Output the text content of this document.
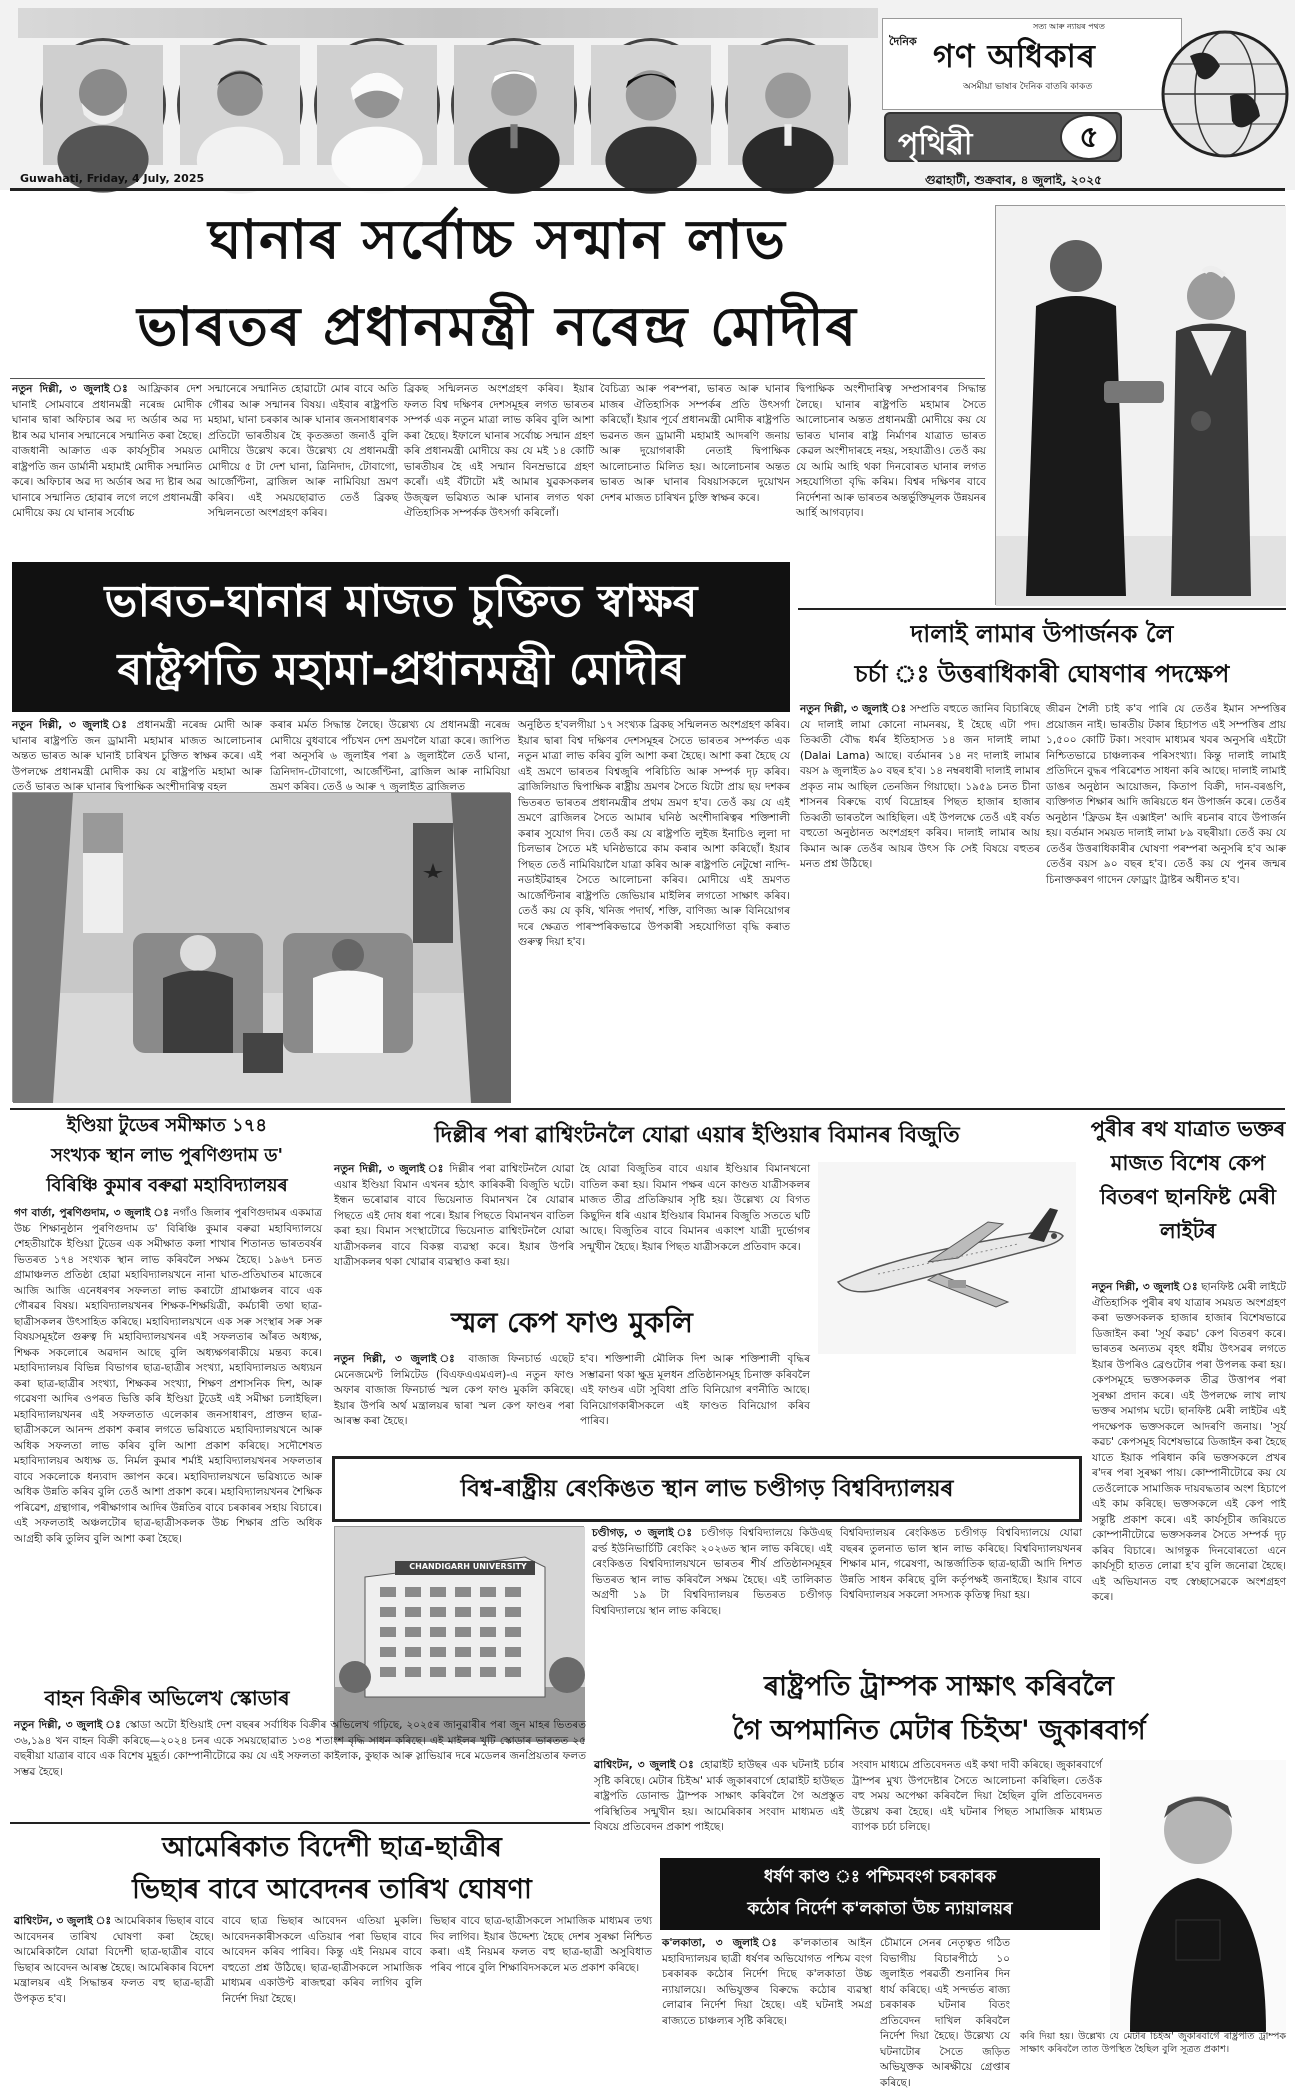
সত্য আৰু ন্যায়ৰ পথত
দৈনিক গণ অধিকাৰ
অসমীয়া ভাষাৰ দৈনিক বাতৰি কাকত
পৃথিৱী	৫
Guwahati, Friday, 4 July, 2025	গুৱাহাটী, শুক্ৰবাৰ, ৪ জুলাই, ২০২৫
ঘানাৰ সৰ্বোচ্চ সন্মান লাভ
ভাৰতৰ প্ৰধানমন্ত্ৰী নৰেন্দ্ৰ মোদীৰ
নতুন দিল্লী, ৩ জুলাই ঃ আফ্ৰিকাৰ দেশ ঘানাই সোমবাৰে প্ৰধানমন্ত্ৰী নৰেন্দ্ৰ মোদীক ঘানাৰ দ্বাৰা অফিচাৰ অৱ দ্য অৰ্ডাৰ অৱ দ্য ষ্টাৰ অৱ ঘানাৰ সন্মানেৰে সন্মানিত কৰা হৈছে। বাজধানী আক্ৰাত এক কাৰ্যসূচীৰ সময়ত ৰাষ্ট্ৰপতি জন ডাৰ্মানী মহামাই মোদীক সন্মানিত কৰে। অফিচাৰ অৱ দ্য অৰ্ডাৰ অৱ দ্য ষ্টাৰ অৱ ঘানাৰে সন্মানিত হোৱাৰ লগে লগে প্ৰধানমন্ত্ৰী মোদীয়ে কয় যে ঘানাৰ সৰ্বোচ্চ
সন্মানেৰে সন্মানিত হোৱাটো মোৰ বাবে অতি গৌৰৱ আৰু সন্মানৰ বিষয়। এইবাৰ ৰাষ্ট্ৰপতি মহামা, ঘানা চৰকাৰ আৰু ঘানাৰ জনসাধাৰণক প্ৰতিটো ভাৰতীয়ৰ হৈ কৃতজ্ঞতা জনাওঁ বুলি মোদীয়ে উল্লেখ কৰে। উল্লেখ্য যে প্ৰধানমন্ত্ৰী মোদীয়ে ৫ টা দেশ ঘানা, ত্ৰিনিদাদ, টোবাগো, আৰ্জেণ্টিনা, ব্ৰাজিল আৰু নামিবিয়া ভ্ৰমণ কৰিব। এই সময়ছোৱাত তেওঁ ব্ৰিকছ সন্মিলনতো অংশগ্ৰহণ কৰিব।
ব্ৰিকছ সন্মিলনত অংশগ্ৰহণ কৰিব। ইয়াৰ ফলত বিশ্ব দক্ষিণৰ দেশসমূহৰ লগত ভাৰতৰ সম্পৰ্ক এক নতুন মাত্ৰা লাভ কৰিব বুলি আশা কৰা হৈছে। ইফালে ঘানাৰ সৰ্বোচ্চ সন্মান গ্ৰহণ কৰি প্ৰধানমন্ত্ৰী মোদীয়ে কয় যে মই ১৪ কোটি ভাৰতীয়ৰ হৈ এই সন্মান বিনম্ৰভাৱে গ্ৰহণ কৰোঁ। এই বঁটাটো মই আমাৰ যুৱকসকলৰ উজ্জ্বল ভৱিষ্যত আৰু ঘানাৰ লগত থকা ঐতিহাসিক সম্পৰ্কক উৎসৰ্গা কৰিলোঁ।
বৈচিত্ৰ্য আৰু পৰম্পৰা, ভাৰত আৰু ঘানাৰ মাজৰ ঐতিহাসিক সম্পৰ্কৰ প্ৰতি উৎসৰ্গা কৰিছোঁ। ইয়াৰ পূৰ্বে প্ৰধানমন্ত্ৰী মোদীক ৰাষ্ট্ৰপতি ভৱনত জন ড্ৰামানী মহামাই আদৰণি জনায় আৰু দুয়োগৰাকী নেতাই দ্বিপাক্ষিক আলোচনাত মিলিত হয়। আলোচনাৰ অন্তত ভাৰত আৰু ঘানাৰ বিষয়াসকলে দুয়োখন দেশৰ মাজত চাৰিখন চুক্তি স্বাক্ষৰ কৰে।
দ্বিপাক্ষিক অংশীদাৰিত্ব সম্প্ৰসাৰণৰ সিদ্ধান্ত লৈছে। ঘানাৰ ৰাষ্ট্ৰপতি মহামাৰ সৈতে আলোচনাৰ অন্তত প্ৰধানমন্ত্ৰী মোদীয়ে কয় যে ভাৰত ঘানাৰ ৰাষ্ট্ৰ নিৰ্মাণৰ যাত্ৰাত ভাৰত কেৱল অংশীদাৰহে নহয়, সহযাত্ৰীও। তেওঁ কয় যে আমি আহি থকা দিনবোৰত ঘানাৰ লগত সহযোগিতা বৃদ্ধি কৰিম। বিশ্বৰ দক্ষিণৰ বাবে নিৰ্দেশনা আৰু ভাৰতৰ অন্তৰ্ভুক্তিমূলক উন্নয়নৰ আৰ্হি আগবঢ়াব।
ভাৰত-ঘানাৰ মাজত চুক্তিত স্বাক্ষৰ
ৰাষ্ট্ৰপতি মহামা-প্ৰধানমন্ত্ৰী মোদীৰ
নতুন দিল্লী, ৩ জুলাই ঃ প্ৰধানমন্ত্ৰী নৰেন্দ্ৰ মোদী আৰু ঘানাৰ ৰাষ্ট্ৰপতি জন ড্ৰামানী মহামাৰ মাজত আলোচনাৰ অন্তত ভাৰত আৰু ঘানাই চাৰিখন চুক্তিত স্বাক্ষৰ কৰে। এই উপলক্ষে প্ৰধানমন্ত্ৰী মোদীক কয় যে ৰাষ্ট্ৰপতি মহামা আৰু তেওঁ ভাৰত আৰু ঘানাৰ দ্বিপাক্ষিক অংশীদাৰিত্ব বহল
কৰাৰ মৰ্মত সিদ্ধান্ত লৈছে। উল্লেখ্য যে প্ৰধানমন্ত্ৰী নৰেন্দ্ৰ মোদীয়ে বুধবাৰে পাঁচখন দেশ ভ্ৰমণলৈ যাত্ৰা কৰে। জাপিত পৰা অনুসৰি ৬ জুলাইৰ পৰা ৯ জুলাইলৈ তেওঁ ঘানা, ত্ৰিনিদাদ-টোবাগো, আৰ্জেণ্টিনা, ব্ৰাজিল আৰু নামিবিয়া ভ্ৰমণ কৰিব। তেওঁ ৬ আৰু ৭ জুলাইত ব্ৰাজিলত
অনুষ্ঠিত হ'বলগীয়া ১৭ সংখ্যক ব্ৰিকছ সন্মিলনত অংশগ্ৰহণ কৰিব। ইয়াৰ দ্বাৰা বিশ্ব দক্ষিণৰ দেশসমূহৰ সৈতে ভাৰতৰ সম্পৰ্কত এক নতুন মাত্ৰা লাভ কৰিব বুলি আশা কৰা হৈছে। আশা কৰা হৈছে যে এই ভ্ৰমণে ভাৰতৰ বিশ্বজুৰি পৰিচিতি আৰু সম্পৰ্ক দৃঢ় কৰিব। ব্ৰাজিলিয়াত দ্বিপাক্ষিক ৰাষ্ট্ৰীয় ভ্ৰমণৰ সৈতে যিটো প্ৰায় ছয় দশকৰ ভিতৰত ভাৰতৰ প্ৰধানমন্ত্ৰীৰ প্ৰথম ভ্ৰমণ হ'ব। তেওঁ কয় যে এই ভ্ৰমণে ব্ৰাজিলৰ সৈতে আমাৰ ঘনিষ্ঠ অংশীদাৰিত্বৰ শক্তিশালী কৰাৰ সুযোগ দিব। তেওঁ কয় যে ৰাষ্ট্ৰপতি লুইজ ইনাচিও লুলা দা চিলভাৰ সৈতে মই ঘনিষ্ঠভাৱে কাম কৰাৰ আশা কৰিছোঁ। ইয়াৰ পিছত তেওঁ নামিবিয়ালৈ যাত্ৰা কৰিব আৰু ৰাষ্ট্ৰপতি নেটুম্বো নান্দি-নডাইটৱাহৰ সৈতে আলোচনা কৰিব। মোদীয়ে এই ভ্ৰমণত আৰ্জেণ্টিনাৰ ৰাষ্ট্ৰপতি জেভিয়াৰ মাইলিৰ লগতো সাক্ষাৎ কৰিব। তেওঁ কয় যে কৃষি, খনিজ পদাৰ্থ, শক্তি, বাণিজ্য আৰু বিনিয়োগৰ দৰে ক্ষেত্ৰত পাৰস্পৰিকভাৱে উপকাৰী সহযোগিতা বৃদ্ধি কৰাত গুৰুত্ব দিয়া হ'ব।
দালাই লামাৰ উপাৰ্জনক লৈ
চৰ্চা ঃ উত্তৰাধিকাৰী ঘোষণাৰ পদক্ষেপ
নতুন দিল্লী, ৩ জুলাই ঃ সম্প্ৰতি বহুতে জানিব বিচাৰিছে যে দালাই লামা কোনো নামনৰয়, ই হৈছে এটা পদ। তিব্বতী বৌদ্ধ ধৰ্মৰ ইতিহাসত ১৪ জন দালাই লামা (Dalai Lama) আছে। বৰ্তমানৰ ১৪ নং দালাই লামাৰ বয়স ৯ জুলাইত ৯০ বছৰ হ'ব। ১৪ নম্বৰধাৰী দালাই লামাৰ প্ৰকৃত নাম আছিল তেনজিন গিয়াছো। ১৯৫৯ চনত চীনা শাসনৰ বিৰুদ্ধে ব্যৰ্থ বিদ্ৰোহৰ পিছত হাজাৰ হাজাৰ তিব্বতী ভাৰতলৈ আহিছিল। এই উপলক্ষে তেওঁ এই বৰ্ষত বহুতো অনুষ্ঠানত অংশগ্ৰহণ কৰিব। দালাই লামাৰ আয় কিমান আৰু তেওঁৰ আয়ৰ উৎস কি সেই বিষয়ে বহুতৰ মনত প্ৰশ্ন উঠিছে।
জীৱন শৈলী চাই ক'ব পাৰি যে তেওঁৰ ইমান সম্পত্তিৰ প্ৰয়োজন নাই। ভাৰতীয় টকাৰ হিচাপত এই সম্পত্তিৰ প্ৰায় ১,৫০০ কোটি টকা। সংবাদ মাধ্যমৰ খবৰ অনুসৰি এইটো নিশ্চিতভাৱে চাঞ্চল্যকৰ পৰিসংখ্যা। কিন্তু দালাই লামাই প্ৰতিদিনে বুদ্ধৰ পৰিৱেশত সাধনা কৰি আছে। দালাই লামাই ডাঙৰ অনুষ্ঠান আয়োজন, কিতাপ বিক্ৰী, দান-বৰঙণি, ব্যক্তিগত শিক্ষাৰ আদি জৰিয়তে ধন উপাৰ্জন কৰে। তেওঁৰ অনুষ্ঠান 'ফ্ৰিডম ইন এক্সাইল' আদি ৰচনাৰ বাবে উপাৰ্জন হয়। বৰ্তমান সময়ত দালাই লামা ৮৯ বছৰীয়া। তেওঁ কয় যে তেওঁৰ উত্তৰাধিকাৰীৰ ঘোষণা পৰম্পৰা অনুসৰি হ'ব আৰু তেওঁৰ বয়স ৯০ বছৰ হ'ব। তেওঁ কয় যে পুনৰ জন্মৰ চিনাক্তকৰণ গাদেন ফোড্ৰাং ট্ৰাষ্টৰ অধীনত হ'ব।
ইণ্ডিয়া টুডেৰ সমীক্ষাত ১৭৪
সংখ্যক স্থান লাভ পুৰণিগুদাম ড'
বিৰিঞ্চি কুমাৰ বৰুৱা মহাবিদ্যালয়ৰ
গণ বাৰ্তা, পুৰণিগুদাম, ৩ জুলাই ঃ নগাঁও জিলাৰ পুৰণিগুদামৰ একমাত্ৰ উচ্চ শিক্ষানুষ্ঠান পুৰণিগুদাম ড' বিৰিঞ্চি কুমাৰ বৰুৱা মহাবিদ্যালয়ে শেহতীয়াকৈ ইণ্ডিয়া টুডেৰ এক সমীক্ষাত কলা শাখাৰ শিতানত ভাৰতবৰ্ষৰ ভিতৰত ১৭৪ সংখ্যক স্থান লাভ কৰিবলৈ সক্ষম হৈছে। ১৯৬৭ চনত গ্ৰামাঞ্চলত প্ৰতিষ্ঠা হোৱা মহাবিদ্যালয়খনে নানা ঘাত-প্ৰতিঘাতৰ মাজেৰে আজি আজি এনেধৰণৰ সফলতা লাভ কৰাটো গ্ৰামাঞ্চলৰ বাবে এক গৌৰৱৰ বিষয়। মহাবিদ্যালয়খনৰ শিক্ষক-শিক্ষয়িত্ৰী, কৰ্মচাৰী তথা ছাত্ৰ-ছাত্ৰীসকলৰ উৎসাহিত কৰিছে। মহাবিদ্যালয়খনে এক সৰু সংস্থাৰ সৰু সৰু বিষয়সমূহলৈ গুৰুত্ব দি মহাবিদ্যালয়খনৰ এই সফলতাৰ আঁৰত অধ্যক্ষ, শিক্ষক সকলোৰে অৱদান আছে বুলি অধ্যক্ষগৰাকীয়ে মন্তব্য কৰে। মহাবিদ্যালয়ৰ বিভিন্ন বিভাগৰ ছাত্ৰ-ছাত্ৰীৰ সংখ্যা, মহাবিদ্যালয়ত অধ্যয়ন কৰা ছাত্ৰ-ছাত্ৰীৰ সংখ্যা, শিক্ষকৰ সংখ্যা, শিক্ষণ প্ৰশাসনিক দিশ, আৰু গৱেষণা আদিৰ ওপৰত ভিত্তি কৰি ইণ্ডিয়া টুডেই এই সমীক্ষা চলাইছিল। মহাবিদ্যালয়খনৰ এই সফলতাত এলেকাৰ জনসাধাৰণ, প্ৰাক্তন ছাত্ৰ-ছাত্ৰীসকলে আনন্দ প্ৰকাশ কৰাৰ লগতে ভৱিষ্যতে মহাবিদ্যালয়খনে আৰু অধিক সফলতা লাভ কৰিব বুলি আশা প্ৰকাশ কৰিছে। সদৌশেষত মহাবিদ্যালয়ৰ অধ্যক্ষ ড. নিৰ্মল কুমাৰ শৰ্মাই মহাবিদ্যালয়খনৰ সফলতাৰ বাবে সকলোকে ধন্যবাদ জ্ঞাপন কৰে। মহাবিদ্যালয়খনে ভৱিষ্যতে আৰু অধিক উন্নতি কৰিব বুলি তেওঁ আশা প্ৰকাশ কৰে। মহাবিদ্যালয়খনৰ শৈক্ষিক পৰিৱেশ, গ্ৰন্থাগাৰ, পৰীক্ষাগাৰ আদিৰ উন্নতিৰ বাবে চৰকাৰৰ সহায় বিচাৰে। এই সফলতাই অঞ্চলটোৰ ছাত্ৰ-ছাত্ৰীসকলক উচ্চ শিক্ষাৰ প্ৰতি অধিক আগ্ৰহী কৰি তুলিব বুলি আশা কৰা হৈছে।
দিল্লীৰ পৰা ৱাশ্বিংটনলৈ যোৱা এয়াৰ ইণ্ডিয়াৰ বিমানৰ বিজুতি
নতুন দিল্লী, ৩ জুলাই ঃ দিল্লীৰ পৰা ৱাশ্বিংটনলৈ যোৱা এয়াৰ ইণ্ডিয়া বিমান এখনৰ হঠাৎ কাৰিকৰী বিজুতি ঘটে। ইন্ধন ভৰোৱাৰ বাবে ভিয়েনাত বিমানখন ৰৈ যোৱাৰ পিছতে এই দোষ ধৰা পৰে। ইয়াৰ পিছতে বিমানখন বাতিল কৰা হয়। বিমান সংস্থাটোৱে ভিয়েনাত ৱাশ্বিংটনলৈ যোৱা যাত্ৰীসকলৰ বাবে বিকল্প ব্যৱস্থা কৰে। ইয়াৰ উপৰি যাত্ৰীসকলৰ থকা খোৱাৰ ব্যৱস্থাও কৰা হয়।
হৈ যোৱা বিজুতিৰ বাবে এয়াৰ ইণ্ডিয়াৰ বিমানখনো বাতিল কৰা হয়। বিমান পক্ষৰ এনে কাণ্ডত যাত্ৰীসকলৰ মাজত তীব্ৰ প্ৰতিক্ৰিয়াৰ সৃষ্টি হয়। উল্লেখ্য যে বিগত কিছুদিন ধৰি এয়াৰ ইণ্ডিয়াৰ বিমানৰ বিজুতি সততে ঘটি আছে। বিজুতিৰ বাবে বিমানৰ একাংশ যাত্ৰী দুৰ্ভোগৰ সন্মুখীন হৈছে। ইয়াৰ পিছত যাত্ৰীসকলে প্ৰতিবাদ কৰে।
স্মল কেপ ফাণ্ড মুকলি
নতুন দিল্লী, ৩ জুলাই ঃ বাজাজ ফিনচাৰ্ভ এছেট মেনেজমেণ্ট লিমিটেড (বিএফএএমএল)-এ নতুন ফাণ্ড অফাৰ বাজাজ ফিনচাৰ্ভ স্মল কেপ ফাণ্ড মুকলি কৰিছে। ইয়াৰ উপৰি অৰ্থ মন্ত্ৰালয়ৰ দ্বাৰা স্মল কেপ ফাণ্ডৰ পৰা আৰম্ভ কৰা হৈছে।
হ'ব। শক্তিশালী মৌলিক দিশ আৰু শক্তিশালী বৃদ্ধিৰ সম্ভাৱনা থকা ক্ষুদ্ৰ মূলধন প্ৰতিষ্ঠানসমূহ চিনাক্ত কৰিবলৈ এই ফাণ্ডৰ এটা সুবিধা প্ৰতি বিনিয়োগ ৰণনীতি আছে। বিনিয়োগকাৰীসকলে এই ফাণ্ডত বিনিয়োগ কৰিব পাৰিব।
পুৰীৰ ৰথ যাত্ৰাত ভক্তৰ মাজত বিশেষ কেপ বিতৰণ ছানফিষ্ট মেৰী লাইটৰ
নতুন দিল্লী, ৩ জুলাই ঃ ছানফিষ্ট মেৰী লাইটে ঐতিহাসিক পুৰীৰ ৰথ যাত্ৰাৰ সময়ত অংশগ্ৰহণ কৰা ভক্তসকলক হাজাৰ হাজাৰ বিশেষভাৱে ডিজাইন কৰা 'সূৰ্য কৱচ' কেপ বিতৰণ কৰে। ভাৰতৰ অন্যতম বৃহৎ ধৰ্মীয় উৎসৱৰ লগতে ইয়াৰ উপৰিও ব্ৰেণ্ডটোৰ পৰা উপলব্ধ কৰা হয়। কেপসমূহে ভক্তসকলক তীব্ৰ উত্তাপৰ পৰা সুৰক্ষা প্ৰদান কৰে। এই উপলক্ষে লাখ লাখ ভক্তৰ সমাগম ঘটে। ছানফিষ্ট মেৰী লাইটৰ এই পদক্ষেপক ভক্তসকলে আদৰণি জনায়। 'সূৰ্য কৱচ' কেপসমূহ বিশেষভাৱে ডিজাইন কৰা হৈছে যাতে ইয়াক পৰিধান কৰি ভক্তসকলে প্ৰখৰ ৰ'দৰ পৰা সুৰক্ষা পায়। কোম্পানীটোৱে কয় যে তেওঁলোকে সামাজিক দায়বদ্ধতাৰ অংশ হিচাপে এই কাম কৰিছে। ভক্তসকলে এই কেপ পাই সন্তুষ্টি প্ৰকাশ কৰে। এই কাৰ্যসূচীৰ জৰিয়তে কোম্পানীটোৱে ভক্তসকলৰ সৈতে সম্পৰ্ক দৃঢ় কৰিব বিচাৰে। আগন্তুক দিনবোৰতো এনে কাৰ্যসূচী হাতত লোৱা হ'ব বুলি জনোৱা হৈছে। এই অভিযানত বহু স্বেচ্ছাসেৱকে অংশগ্ৰহণ কৰে।
বিশ্ব-ৰাষ্ট্ৰীয় ৰেংকিঙত স্থান লাভ চণ্ডীগড় বিশ্ববিদ্যালয়ৰ
CHANDIGARH UNIVERSITY
চণ্ডীগড়, ৩ জুলাই ঃ চণ্ডীগড় বিশ্ববিদ্যালয়ে কিউএছ ৱৰ্ল্ড ইউনিভাৰ্চিটি ৰেংকিং ২০২৬ত স্থান লাভ কৰিছে। এই ৰেংকিঙত বিশ্ববিদ্যালয়খনে ভাৰতৰ শীৰ্ষ প্ৰতিষ্ঠানসমূহৰ ভিতৰত স্থান লাভ কৰিবলৈ সক্ষম হৈছে। এই তালিকাত অগ্ৰণী ১৯ টা বিশ্ববিদ্যালয়ৰ ভিতৰত চণ্ডীগড় বিশ্ববিদ্যালয়ে স্থান লাভ কৰিছে।
বিশ্ববিদ্যালয়ৰ ৰেংকিঙত চণ্ডীগড় বিশ্ববিদ্যালয়ে যোৱা বছৰৰ তুলনাত ভাল স্থান লাভ কৰিছে। বিশ্ববিদ্যালয়খনৰ শিক্ষাৰ মান, গৱেষণা, আন্তৰ্জাতিক ছাত্ৰ-ছাত্ৰী আদি দিশত উন্নতি সাধন কৰিছে বুলি কৰ্তৃপক্ষই জনাইছে। ইয়াৰ বাবে বিশ্ববিদ্যালয়ৰ সকলো সদস্যক কৃতিত্ব দিয়া হয়।
ৰাষ্ট্ৰপতি ট্ৰাম্পক সাক্ষাৎ কৰিবলৈ
গৈ অপমানিত মেটাৰ চিইঅ' জুকাৰবাৰ্গ
ৱাশ্বিংটন, ৩ জুলাই ঃ হোৱাইট হাউছৰ এক ঘটনাই চৰ্চাৰ সৃষ্টি কৰিছে। মেটাৰ চিইঅ' মাৰ্ক জুকাৰবাৰ্গে হোৱাইট হাউছত ৰাষ্ট্ৰপতি ডোনাল্ড ট্ৰাম্পক সাক্ষাৎ কৰিবলৈ গৈ অপ্ৰস্তুত পৰিস্থিতিৰ সন্মুখীন হয়। আমেৰিকাৰ সংবাদ মাধ্যমত এই বিষয়ে প্ৰতিবেদন প্ৰকাশ পাইছে।
সংবাদ মাধ্যমে প্ৰতিবেদনত এই কথা দাবী কৰিছে। জুকাৰবাৰ্গে ট্ৰাম্পৰ মুখ্য উপদেষ্টাৰ সৈতে আলোচনা কৰিছিল। তেওঁক বহু সময় অপেক্ষা কৰিবলৈ দিয়া হৈছিল বুলি প্ৰতিবেদনত উল্লেখ কৰা হৈছে। এই ঘটনাৰ পিছত সামাজিক মাধ্যমত ব্যাপক চৰ্চা চলিছে।
কৰি দিয়া হয়। উল্লেখ্য যে মেটাৰ চিইঅ' জুকাৰবাৰ্গে ৰাষ্ট্ৰপতি ট্ৰাম্পক সাক্ষাৎ কৰিবলৈ তাত উপস্থিত হৈছিল বুলি সূত্ৰত প্ৰকাশ।
বাহন বিক্ৰীৰ অভিলেখ স্কোডাৰ
নতুন দিল্লী, ৩ জুলাই ঃ স্কোডা অটো ইণ্ডিয়াই দেশ বছৰৰ সৰ্বাধিক বিক্ৰীৰ অভিলেখ গঢ়িছে, ২০২৫ৰ জানুৱাৰীৰ পৰা জুন মাহৰ ভিতৰত ৩৬,১৯৪ খন বাহন বিক্ৰী কৰিছে—২০২৪ চনৰ একে সময়ছোৱাত ১৩৪ শতাংশ বৃদ্ধি সাধন কৰিছে। এই মাইলৰ খুটি স্কোডাৰ ভাৰতত ২৫ বছৰীয়া যাত্ৰাৰ বাবে এক বিশেষ মুহূৰ্ত। কোম্পানীটোৱে কয় যে এই সফলতা কাইলাক, কুছাক আৰু স্লাভিয়াৰ দৰে মডেলৰ জনপ্ৰিয়তাৰ ফলত সম্ভৱ হৈছে।
আমেৰিকাত বিদেশী ছাত্ৰ-ছাত্ৰীৰ
ভিছাৰ বাবে আবেদনৰ তাৰিখ ঘোষণা
ৱাশ্বিংটন, ৩ জুলাই ঃ আমেৰিকাৰ ভিছাৰ বাবে আবেদনৰ তাৰিখ ঘোষণা কৰা হৈছে। আমেৰিকালৈ যোৱা বিদেশী ছাত্ৰ-ছাত্ৰীৰ বাবে ভিছাৰ আবেদন আৰম্ভ হৈছে। আমেৰিকাৰ বিদেশ মন্ত্ৰালয়ৰ এই সিদ্ধান্তৰ ফলত বহু ছাত্ৰ-ছাত্ৰী উপকৃত হ'ব।
বাবে ছাত্ৰ ভিছাৰ আবেদন এতিয়া মুকলি। আবেদনকাৰীসকলে এতিয়াৰ পৰা ভিছাৰ বাবে আবেদন কৰিব পাৰিব। কিন্তু এই নিয়মৰ বাবে বহুতো প্ৰশ্ন উঠিছে। ছাত্ৰ-ছাত্ৰীসকলে সামাজিক মাধ্যমৰ একাউণ্ট ৰাজহুৱা কৰিব লাগিব বুলি নিৰ্দেশ দিয়া হৈছে।
ভিছাৰ বাবে ছাত্ৰ-ছাত্ৰীসকলে সামাজিক মাধ্যমৰ তথ্য দিব লাগিব। ইয়াৰ উদ্দেশ্য হৈছে দেশৰ সুৰক্ষা নিশ্চিত কৰা। এই নিয়মৰ ফলত বহু ছাত্ৰ-ছাত্ৰী অসুবিধাত পৰিব পাৰে বুলি শিক্ষাবিদসকলে মত প্ৰকাশ কৰিছে।
ধৰ্ষণ কাণ্ড ঃ পশ্চিমবংগ চৰকাৰক
কঠোৰ নিৰ্দেশ ক'লকাতা উচ্চ ন্যায়ালয়ৰ
ক'লকাতা, ৩ জুলাই ঃ ক'লকাতাৰ আইন মহাবিদ্যালয়ৰ ছাত্ৰী ধৰ্ষণৰ অভিযোগত পশ্চিম বংগ চৰকাৰক কঠোৰ নিৰ্দেশ দিছে ক'লকাতা উচ্চ ন্যায়ালয়ে। অভিযুক্তৰ বিৰুদ্ধে কঠোৰ ব্যৱস্থা লোৱাৰ নিৰ্দেশ দিয়া হৈছে। এই ঘটনাই সমগ্ৰ ৰাজ্যতে চাঞ্চল্যৰ সৃষ্টি কৰিছে।
চৌমানে সেনৰ নেতৃত্বত গঠিত বিভাগীয় বিচাৰপীঠে ১০ জুলাইত পৰৱৰ্তী শুনানিৰ দিন ধাৰ্য কৰিছে। এই সন্দৰ্ভত ৰাজ্য চৰকাৰক ঘটনাৰ বিতং প্ৰতিবেদন দাখিল কৰিবলৈ নিৰ্দেশ দিয়া হৈছে। উল্লেখ্য যে ঘটনাটোৰ সৈতে জড়িত অভিযুক্তক আৰক্ষীয়ে গ্ৰেপ্তাৰ কৰিছে।
